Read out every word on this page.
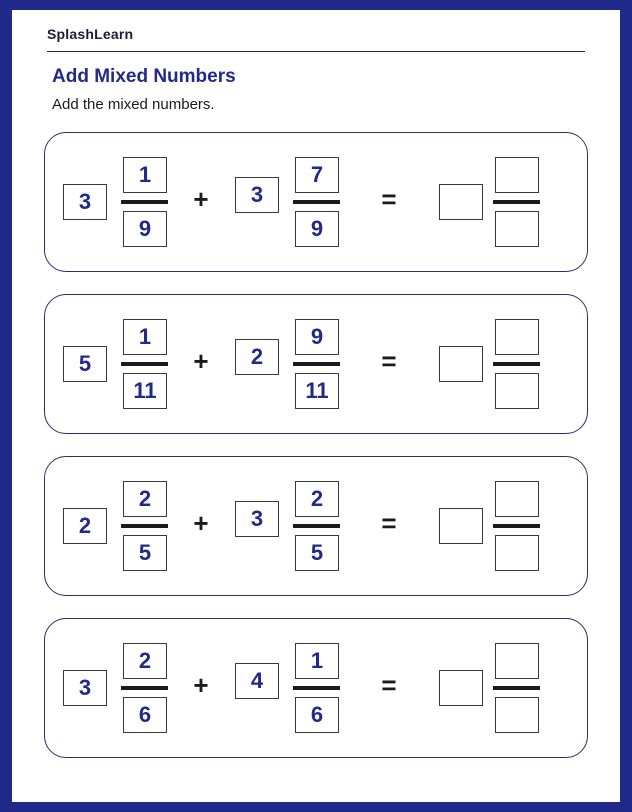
SplashLearn
Add Mixed Numbers
Add the mixed numbers.
3
1
9
+	3
7
9
=
5
1
11
+	2
9
11
=
2
2
5
+	3
2
5
=
3
2
6
+	4
1
6
=
